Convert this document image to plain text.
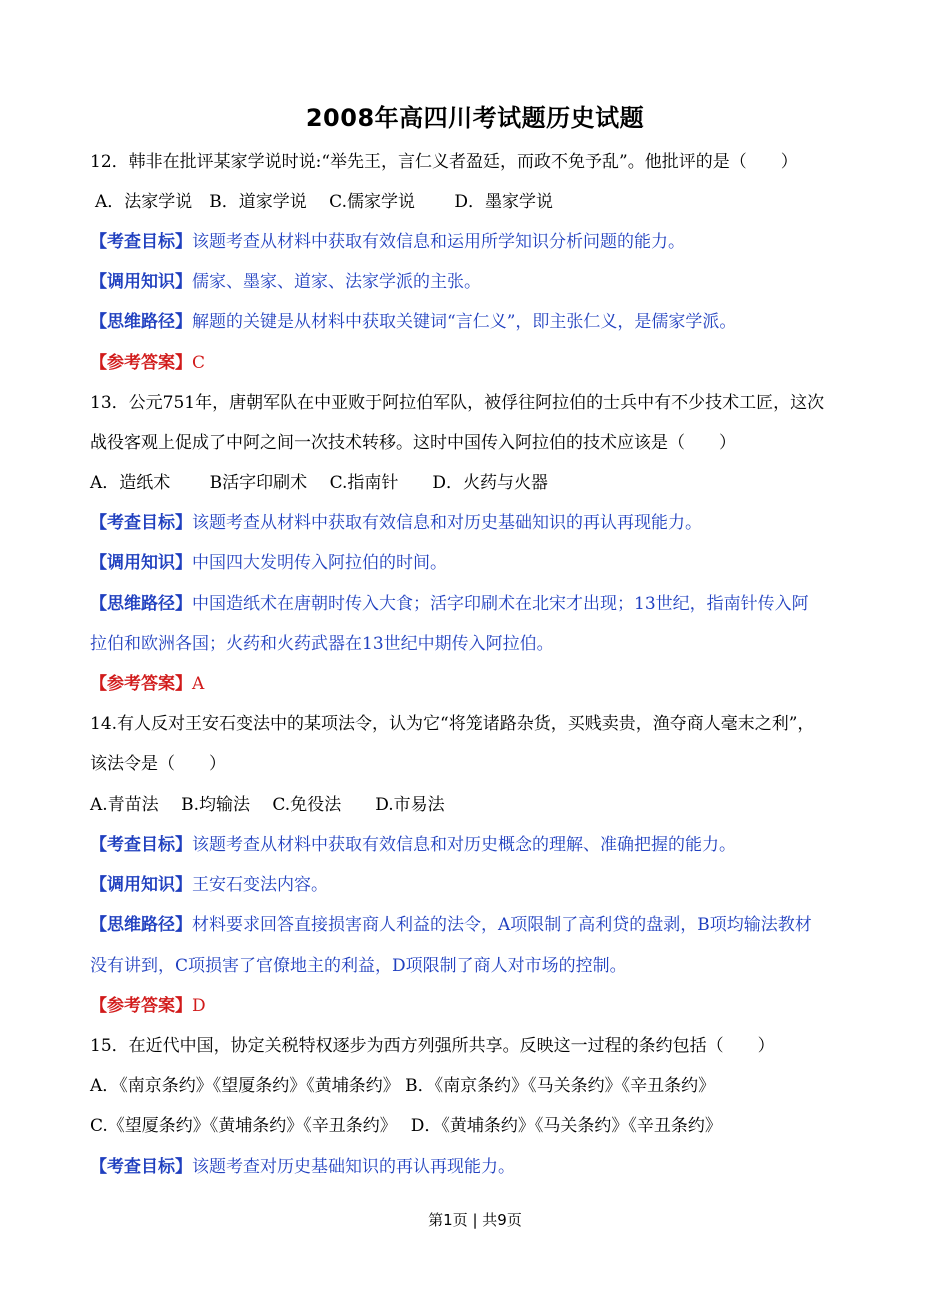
2008年高四川考试题历史试题
12．韩非在批评某家学说时说:“举先王，言仁义者盈廷，而政不免予乱”。他批评的是（　　）
A．法家学说　B．道家学说　 C.儒家学说　　 D．墨家学说
【考查目标】该题考查从材料中获取有效信息和运用所学知识分析问题的能力。
【调用知识】儒家、墨家、道家、法家学派的主张。
【思维路径】解题的关键是从材料中获取关键词“言仁义”，即主张仁义，是儒家学派。
【参考答案】C
13．公元751年，唐朝军队在中亚败于阿拉伯军队，被俘往阿拉伯的士兵中有不少技术工匠，这次
战役客观上促成了中阿之间一次技术转移。这时中国传入阿拉伯的技术应该是（　　）
A．造纸术　　 B活字印刷术　 C.指南针　　D．火药与火器
【考查目标】该题考查从材料中获取有效信息和对历史基础知识的再认再现能力。
【调用知识】中国四大发明传入阿拉伯的时间。
【思维路径】中国造纸术在唐朝时传入大食；活字印刷术在北宋才出现；13世纪，指南针传入阿
拉伯和欧洲各国；火药和火药武器在13世纪中期传入阿拉伯。
【参考答案】A
14.有人反对王安石变法中的某项法令，认为它“将笼诸路杂货，买贱卖贵，渔夺商人毫末之利”，
该法令是（　　）
A.青苗法　 B.均输法　 C.免役法　　D.市易法
【考查目标】该题考查从材料中获取有效信息和对历史概念的理解、准确把握的能力。
【调用知识】王安石变法内容。
【思维路径】材料要求回答直接损害商人利益的法令，A项限制了高利贷的盘剥，B项均输法教材
没有讲到，C项损害了官僚地主的利益，D项限制了商人对市场的控制。
【参考答案】D
15．在近代中国，协定关税特权逐步为西方列强所共享。反映这一过程的条约包括（　　）
A．《南京条约》《望厦条约》《黄埔条约》 B．《南京条约》《马关条约》《辛丑条约》
C.《望厦条约》《黄埔条约》《辛丑条约》　 D．《黄埔条约》《马关条约》《辛丑条约》
【考查目标】该题考查对历史基础知识的再认再现能力。
第1页 | 共9页
